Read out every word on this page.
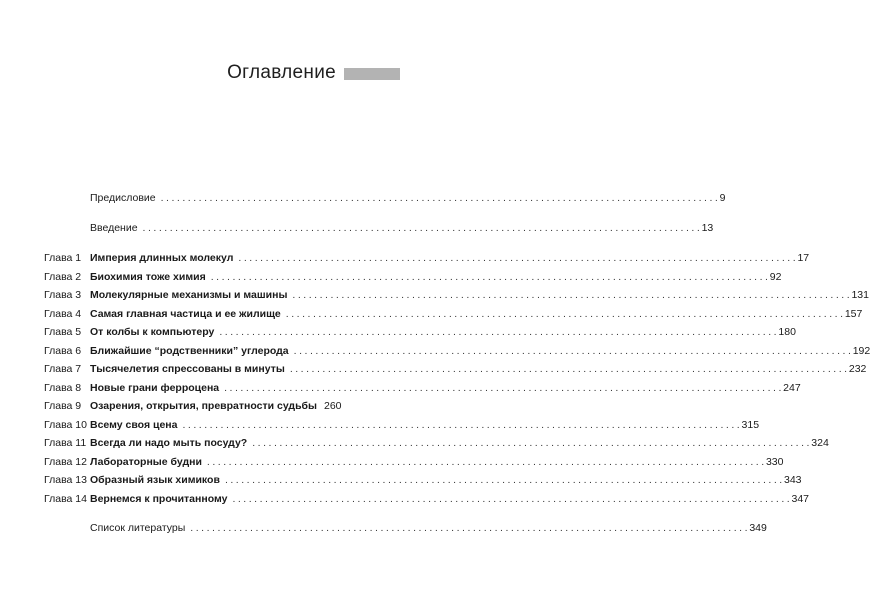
Оглавление
Предисловие . . .	9
Введение . . .	13
Глава 1 Империя длинных молекул . . .	17
Глава 2 Биохимия тоже химия . . .	92
Глава 3 Молекулярные механизмы и машины . . .	131
Глава 4 Самая главная частица и ее жилище . . .	157
Глава 5 От колбы к компьютеру . . .	180
Глава 6 Ближайшие “родственники” углерода . . .	192
Глава 7 Тысячелетия спрессованы в минуты . . .	232
Глава 8 Новые грани ферроцена . . .	247
Глава 9 Озарения, открытия, превратности судьбы 260
Глава 10 Всему своя цена . . .	315
Глава 11 Всегда ли надо мыть посуду? . . .	324
Глава 12 Лабораторные будни . . .	330
Глава 13 Образный язык химиков . . .	343
Глава 14 Вернемся к прочитанному . . .	347
Список литературы . . .	349
